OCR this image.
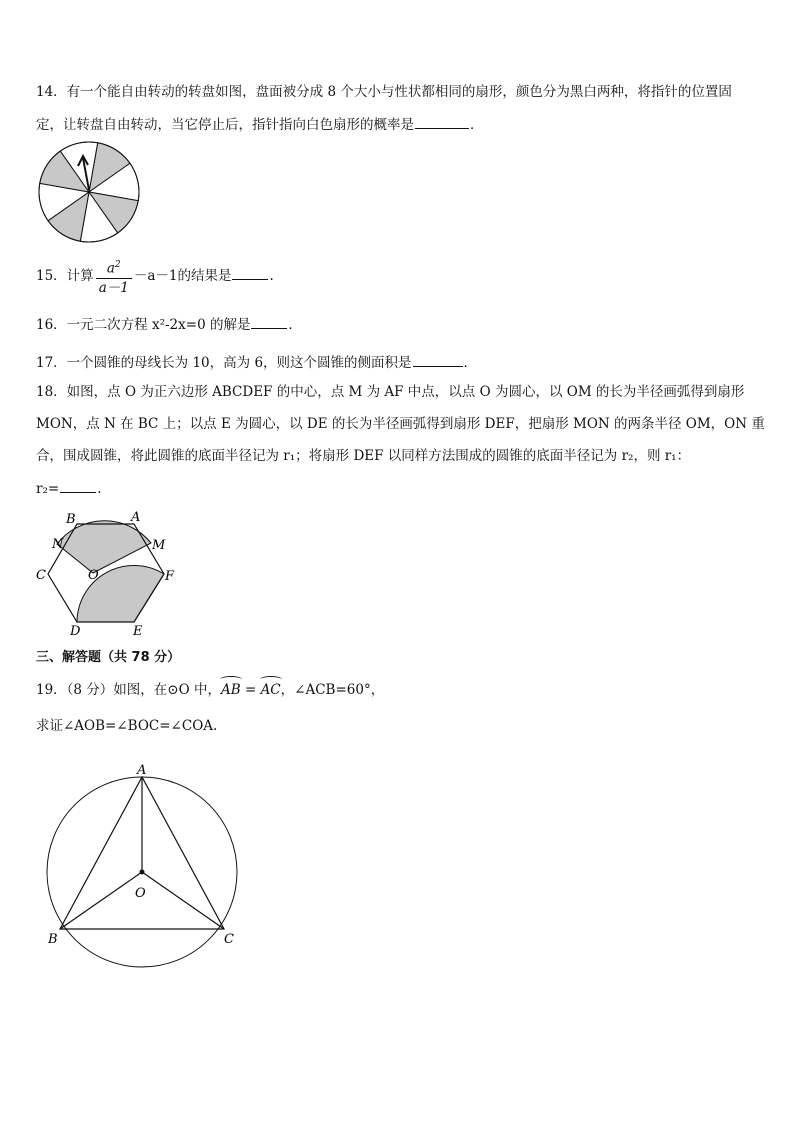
14．有一个能自由转动的转盘如图，盘面被分成 8 个大小与性状都相同的扇形，颜色分为黑白两种，将指针的位置固
定，让转盘自由转动，当它停止后，指针指向白色扇形的概率是	．
15．计算 $\frac{a^2}{a-1} -a-1$的结果是	.
16．一元二次方程 x²-2x=0 的解是	．
17．一个圆锥的母线长为 10，高为 6，则这个圆锥的侧面积是	．
18．如图，点 O 为正六边形 ABCDEF 的中心，点 M 为 AF 中点，以点 O 为圆心，以 OM 的长为半径画弧得到扇形
MON，点 N 在 BC 上；以点 E 为圆心，以 DE 的长为半径画弧得到扇形 DEF，把扇形 MON 的两条半径 OM，ON 重
合，围成圆锥，将此圆锥的底面半径记为 r₁；将扇形 DEF 以同样方法围成的圆锥的底面半径记为 r₂，则 r₁：
r₂=	.
B	A
N	M
C	O	F
D	E
三、解答题（共 78 分）
19．（8 分）如图，在⊙O 中，AB = AC，∠ACB=60°，
求证∠AOB=∠BOC=∠COA.
A
B	C
O
